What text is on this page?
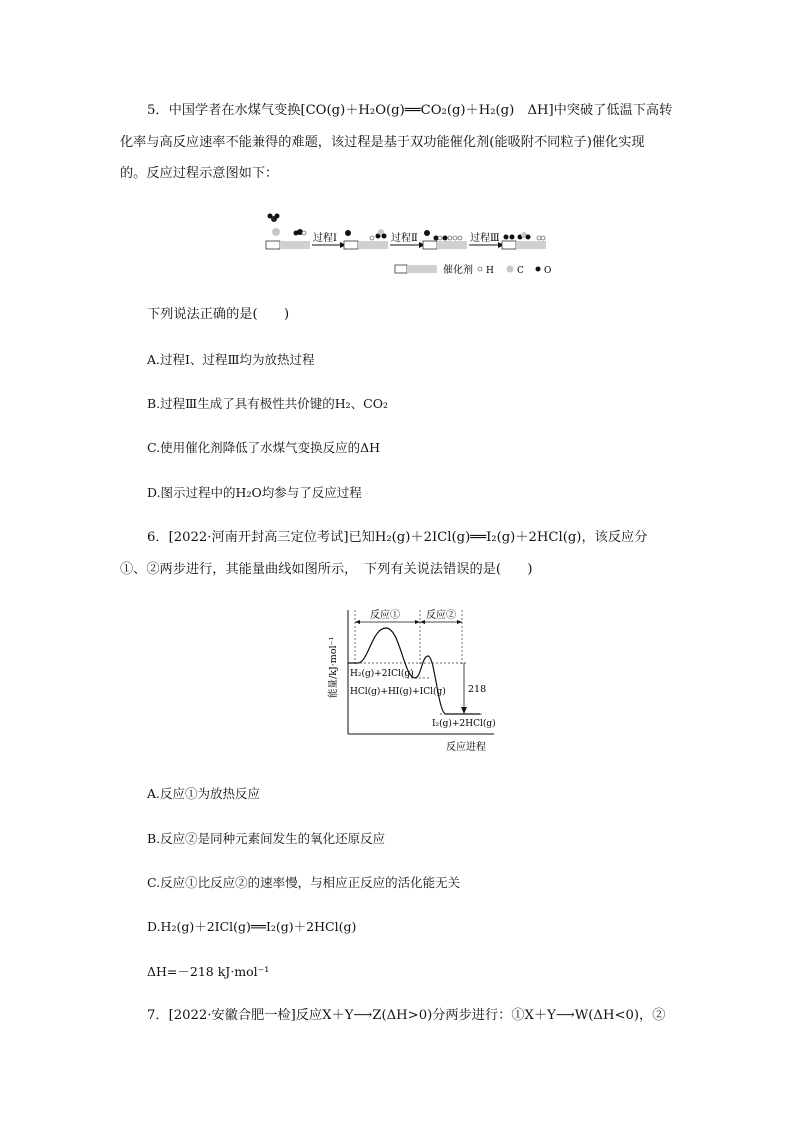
5．中国学者在水煤气变换[CO(g)＋H₂O(g)══CO₂(g)＋H₂(g)　ΔH]中突破了低温下高转
化率与高反应速率不能兼得的难题，该过程是基于双功能催化剂(能吸附不同粒子)催化实现
的。反应过程示意图如下：
过程Ⅰ	过程Ⅱ	过程Ⅲ
催化剂 H	C O
下列说法正确的是(　　)
A.过程Ⅰ、过程Ⅲ均为放热过程
B.过程Ⅲ生成了具有极性共价键的H₂、CO₂
C.使用催化剂降低了水煤气变换反应的ΔH
D.图示过程中的H₂O均参与了反应过程
6．[2022·河南开封高三定位考试]已知H₂(g)＋2ICl(g)══I₂(g)＋2HCl(g)，该反应分
①、②两步进行，其能量曲线如图所示，　下列有关说法错误的是(　　)
能量/kJ·mol⁻¹
反应进程
反应①	反应②
218
H₂(g)+2ICl(g)
HCl(g)+HI(g)+ICl(g)
I₂(g)+2HCl(g)
A.反应①为放热反应
B.反应②是同种元素间发生的氧化还原反应
C.反应①比反应②的速率慢，与相应正反应的活化能无关
D.H₂(g)＋2ICl(g)══I₂(g)＋2HCl(g)
ΔH=－218 kJ·mol⁻¹
7．[2022·安徽合肥一检]反应X＋Y⟶Z(ΔH>0)分两步进行：①X＋Y⟶W(ΔH<0)，②
